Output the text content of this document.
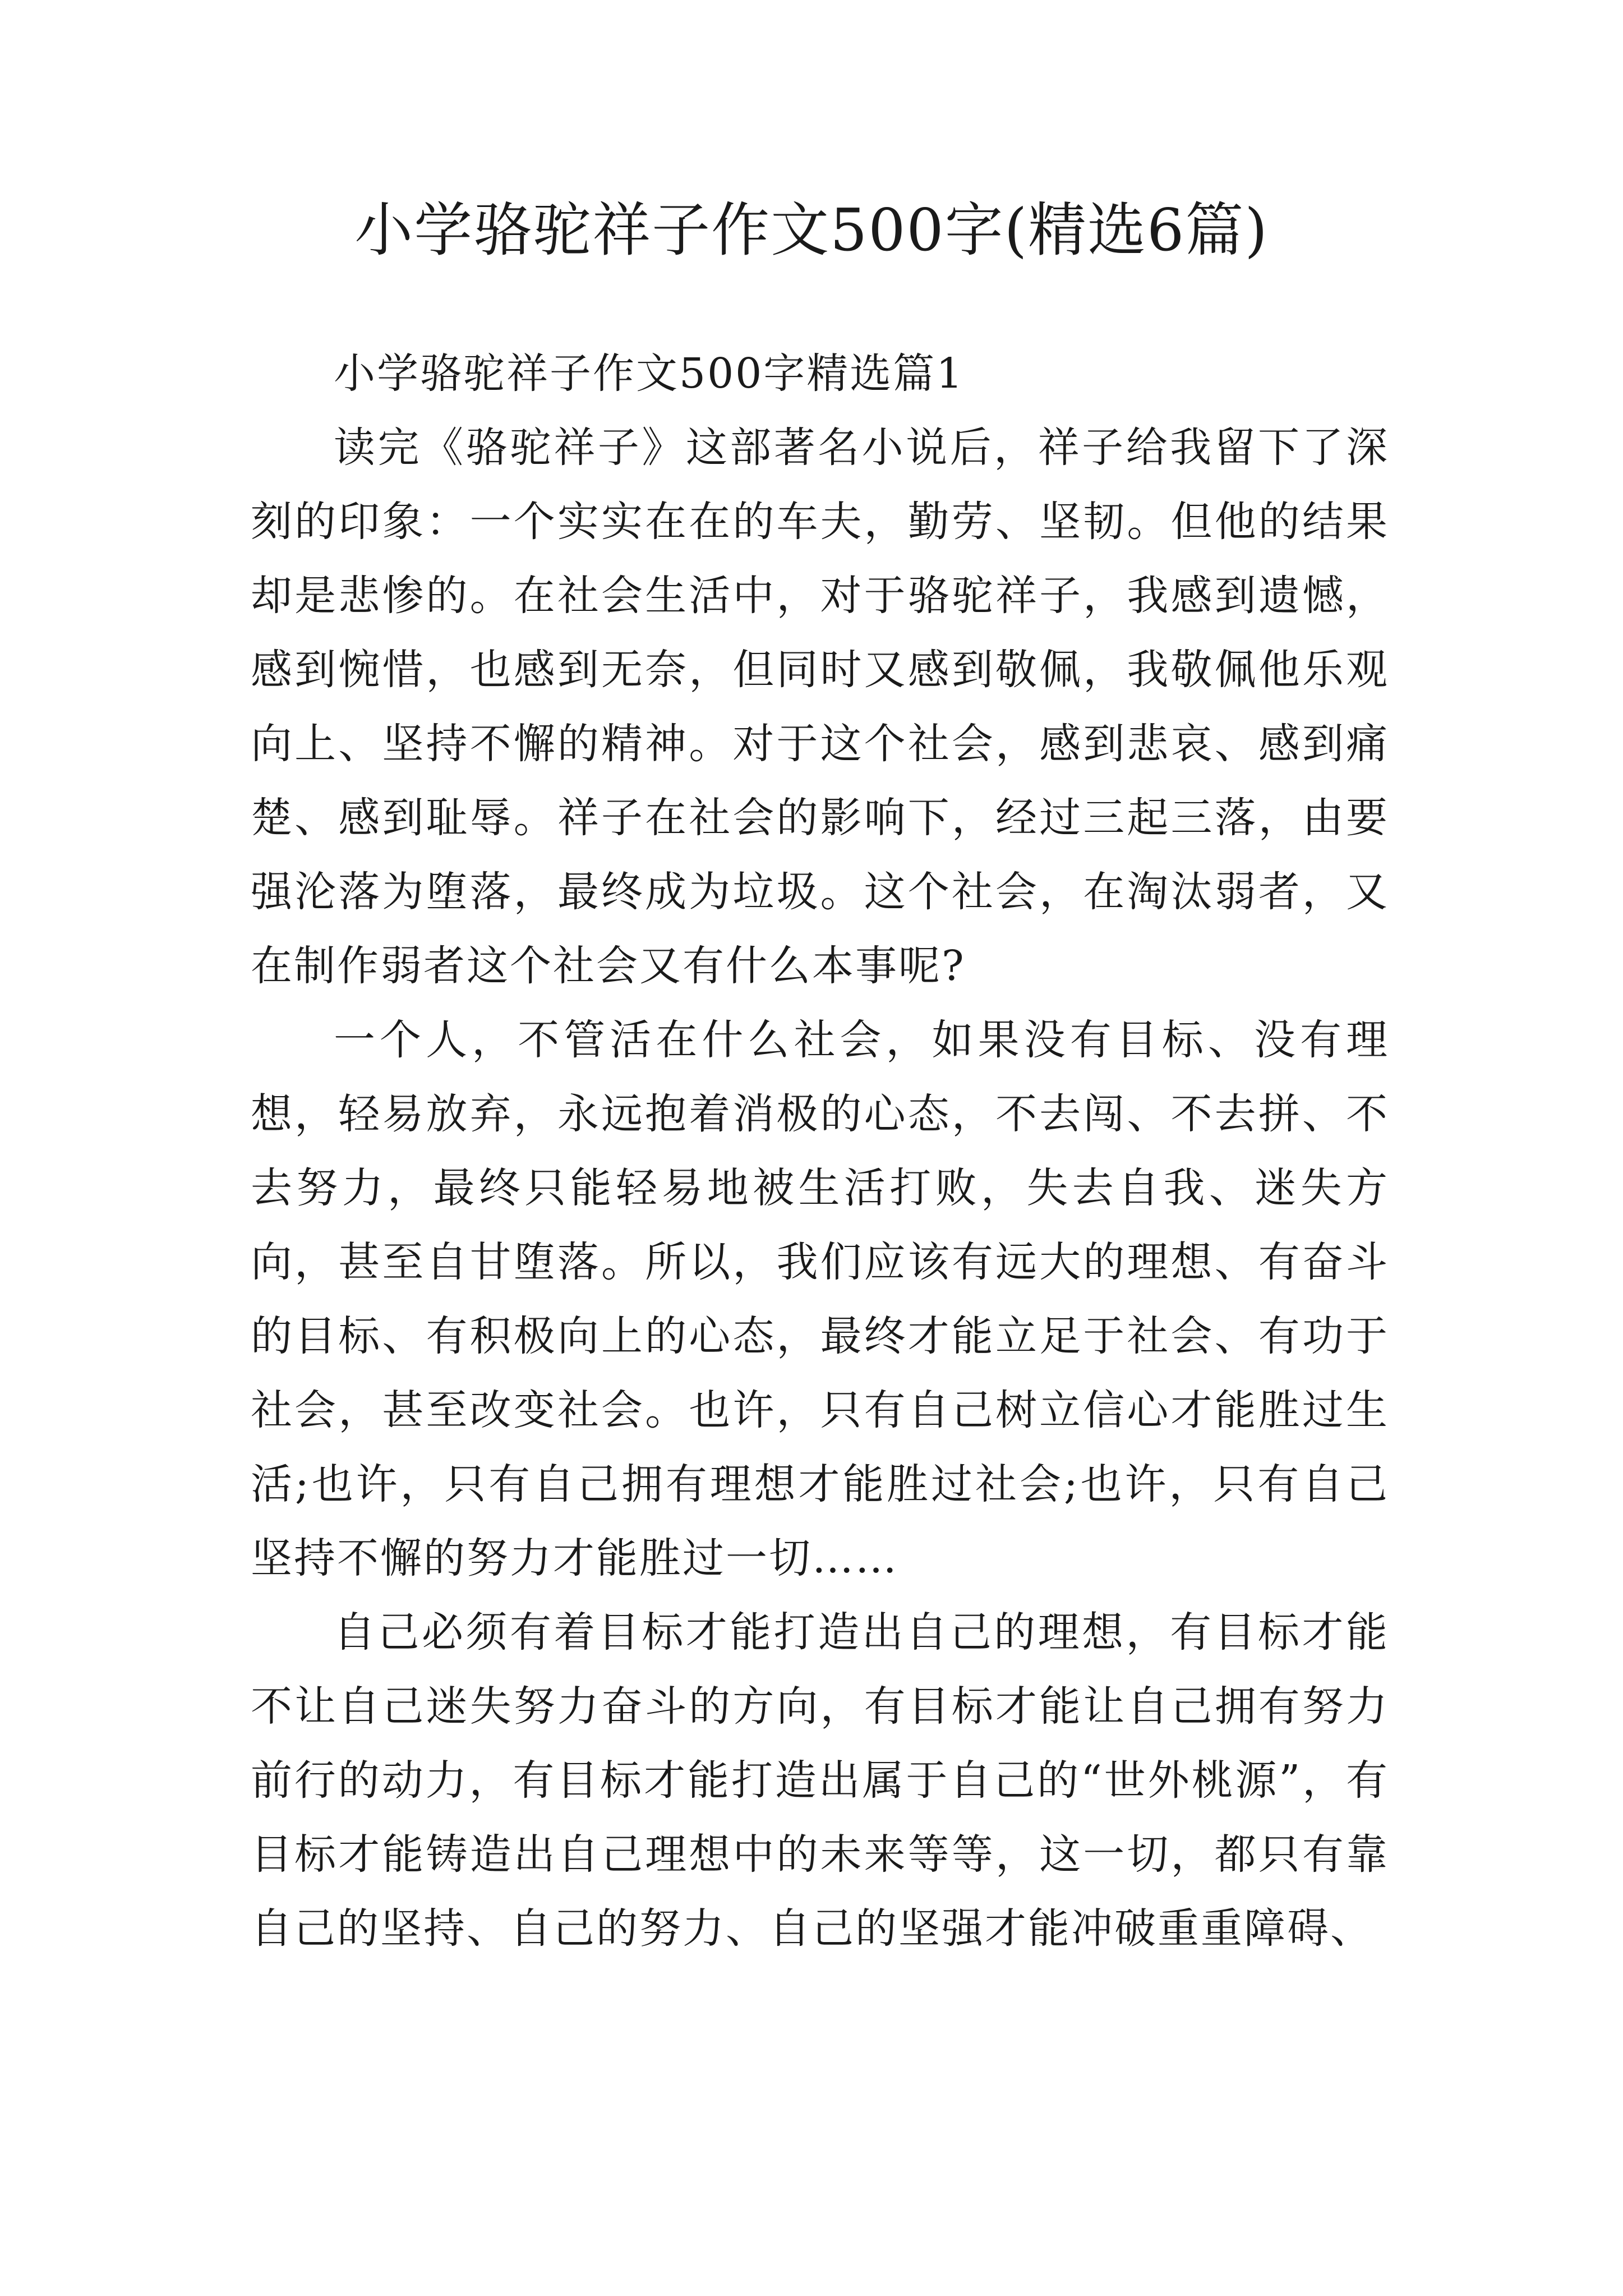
小学骆驼祥子作文500字(精选6篇)

小学骆驼祥子作文500字精选篇1

读完《骆驼祥子》这部著名小说后，祥子给我留下了深刻的印象：一个实实在在的车夫，勤劳、坚韧。但他的结果却是悲惨的。在社会生活中，对于骆驼祥子，我感到遗憾，感到惋惜，也感到无奈，但同时又感到敬佩，我敬佩他乐观向上、坚持不懈的精神。对于这个社会，感到悲哀、感到痛楚、感到耻辱。祥子在社会的影响下，经过三起三落，由要强沦落为堕落，最终成为垃圾。这个社会，在淘汰弱者，又在制作弱者这个社会又有什么本事呢?

一个人，不管活在什么社会，如果没有目标、没有理想，轻易放弃，永远抱着消极的心态，不去闯、不去拼、不去努力，最终只能轻易地被生活打败，失去自我、迷失方向，甚至自甘堕落。所以，我们应该有远大的理想、有奋斗的目标、有积极向上的心态，最终才能立足于社会、有功于社会，甚至改变社会。也许，只有自己树立信心才能胜过生活;也许，只有自己拥有理想才能胜过社会;也许，只有自己坚持不懈的努力才能胜过一切……

自己必须有着目标才能打造出自己的理想，有目标才能不让自己迷失努力奋斗的方向，有目标才能让自己拥有努力前行的动力，有目标才能打造出属于自己的“世外桃源”，有目标才能铸造出自己理想中的未来等等，这一切，都只有靠自己的坚持、自己的努力、自己的坚强才能冲破重重障碍、
